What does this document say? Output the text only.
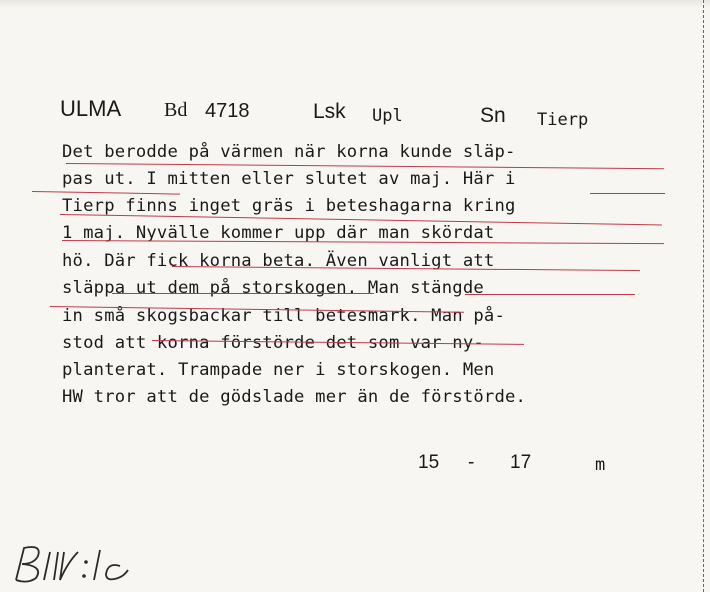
ULMA Bd 4718	Lsk Upl	Sn Tierp
Det berodde på värmen när korna kunde släp-
pas ut. I mitten eller slutet av maj. Här i
Tierp finns inget gräs i beteshagarna kring
1 maj. Nyvälle kommer upp där man skördat
hö. Där fick korna beta. Även vanligt att
släppa ut dem på storskogen. Man stängde
in små skogsbackar till betesmark. Man på-
stod att korna förstörde det som var ny-
planterat. Trampade ner i storskogen. Men
HW tror att de gödslade mer än de förstörde.
15 - 17	m
